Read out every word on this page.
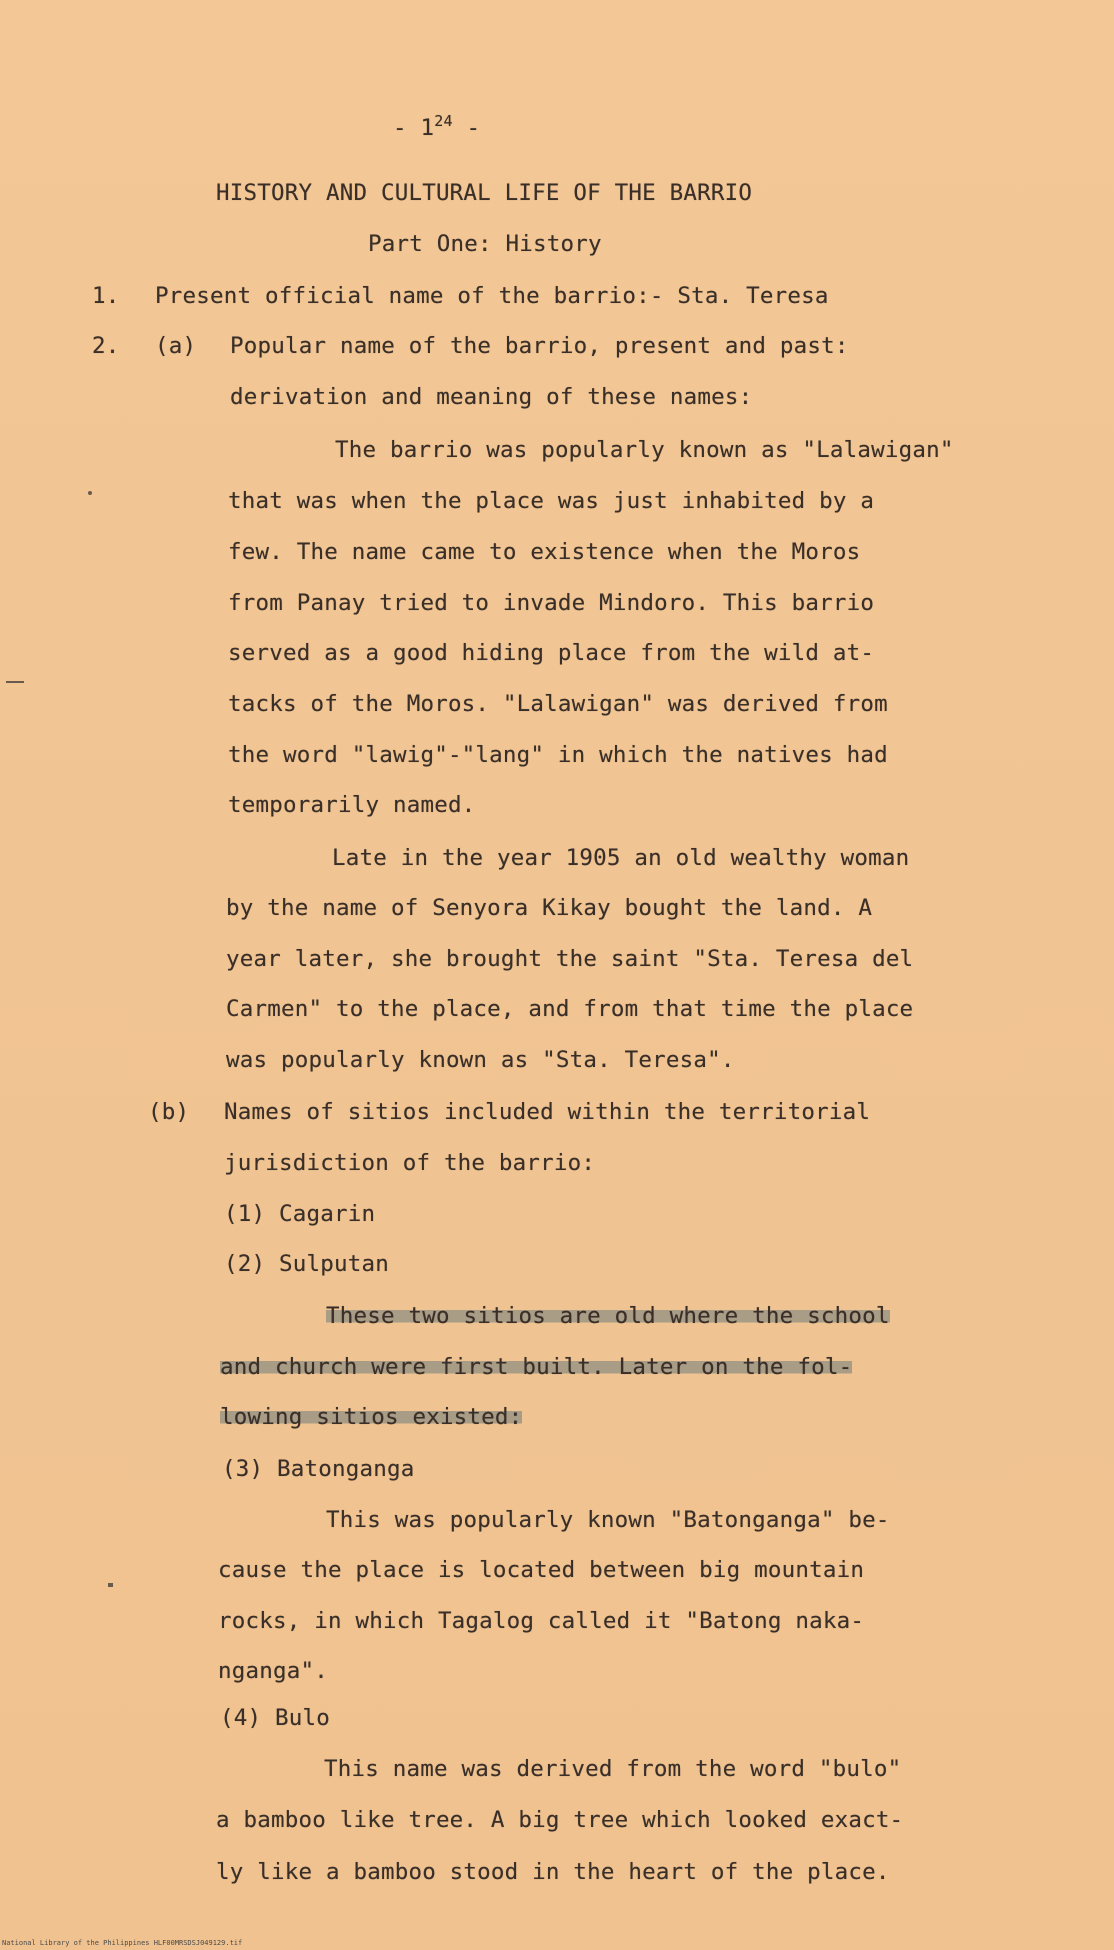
- $1^{24}$ -
HISTORY AND CULTURAL LIFE OF THE BARRIO
Part One: History
1. Present official name of the barrio:- Sta. Teresa
2. (a) Popular name of the barrio, present and past:
derivation and meaning of these names:
The barrio was popularly known as "Lalawigan"
that was when the place was just inhabited by a
few. The name came to existence when the Moros
from Panay tried to invade Mindoro. This barrio
served as a good hiding place from the wild at-
tacks of the Moros. "Lalawigan" was derived from
the word "lawig"-"lang" in which the natives had
temporarily named.
Late in the year 1905 an old wealthy woman
by the name of Senyora Kikay bought the land. A
year later, she brought the saint "Sta. Teresa del
Carmen" to the place, and from that time the place
was popularly known as "Sta. Teresa".
(b) Names of sitios included within the territorial
jurisdiction of the barrio:
(1) Cagarin
(2) Sulputan
These two sitios are old where the school
and church were first built. Later on the fol-
lowing sitios existed:
(3) Batonganga
This was popularly known "Batonganga" be-
cause the place is located between big mountain
rocks, in which Tagalog called it "Batong naka-
nganga".
(4) Bulo
This name was derived from the word "bulo"
a bamboo like tree. A big tree which looked exact-
ly like a bamboo stood in the heart of the place.
National Library of the Philippines HLF00MRSDSJ049129.tif
